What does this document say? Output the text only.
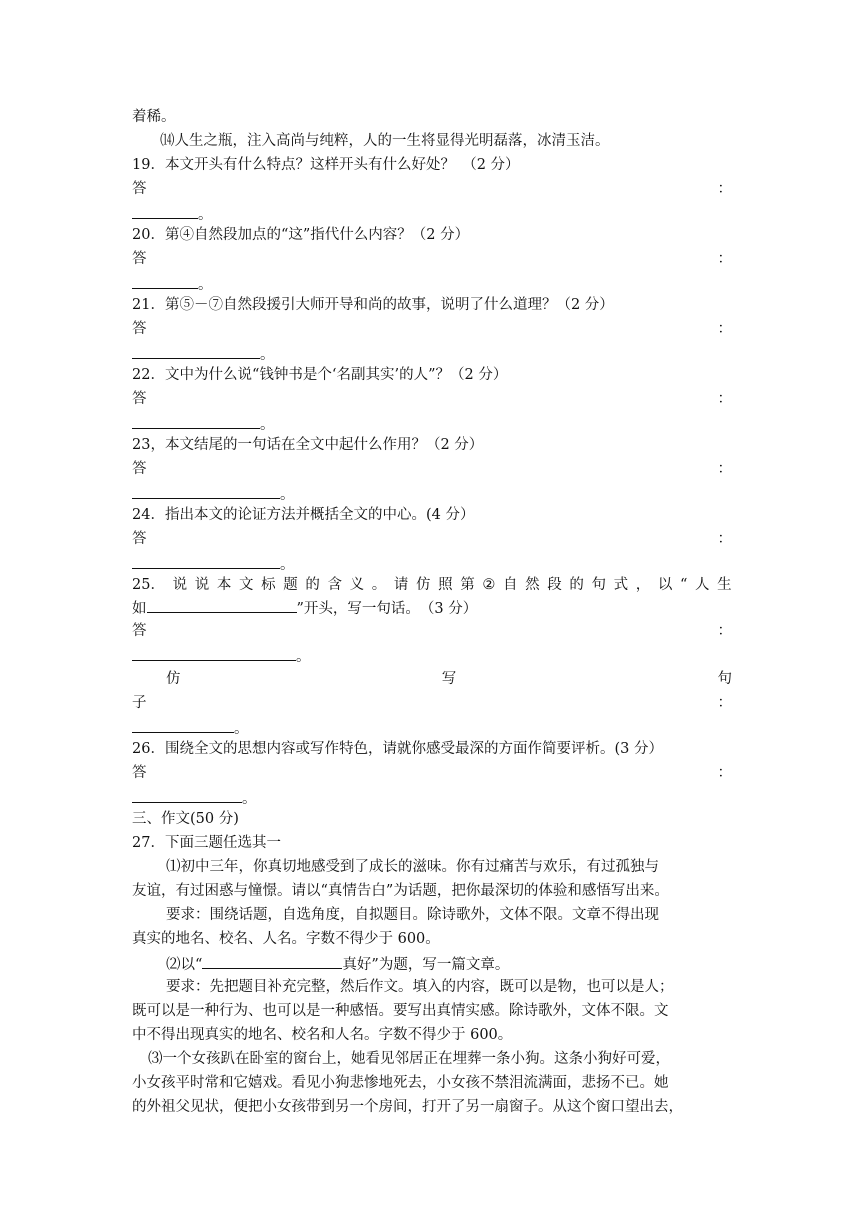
着稀。
⒁人生之瓶，注入高尚与纯粹，人的一生将显得光明磊落，冰清玉洁。
19．本文开头有什么特点？这样开头有什么好处？　（2 分）
答	：
。
20．第④自然段加点的“这”指代什么内容？（2 分）
答	：
。
21．第⑤－⑦自然段援引大师开导和尚的故事，说明了什么道理？（2 分）
答	：
。
22．文中为什么说“钱钟书是个‘名副其实’的人”？（2 分）
答	：
。
23，本文结尾的一句话在全文中起什么作用？（2 分）
答	：
。
24．指出本文的论证方法并概括全文的中心。(4 分）
答	：
。
25． 说 说 本 文 标 题 的 含 义 。 请 仿 照 第 ② 自 然 段 的 句 式 ， 以 “ 人 生
如	”开头，写一句话。　（3 分）
答	：
。
仿	写	句
子	：
。
26．围绕全文的思想内容或写作特色，请就你感受最深的方面作简要评析。(3 分）
答	：
。
三、作文(50 分)
27．下面三题任选其一
⑴初中三年，你真切地感受到了成长的滋味。你有过痛苦与欢乐，有过孤独与
友谊，有过困惑与憧憬。请以“真情告白”为话题，把你最深切的体验和感悟写出来。
要求：围绕话题，自选角度，自拟题目。除诗歌外，文体不限。文章不得出现
真实的地名、校名、人名。字数不得少于 600。
⑵以“	真好”为题，写一篇文章。
要求：先把题目补充完整，然后作文。填入的内容，既可以是物，也可以是人；
既可以是一种行为、也可以是一种感悟。要写出真情实感。除诗歌外，文体不限。文
中不得出现真实的地名、校名和人名。字数不得少于 600。
⑶一个女孩趴在卧室的窗台上，她看见邻居正在埋葬一条小狗。这条小狗好可爱，
小女孩平时常和它嬉戏。看见小狗悲惨地死去，小女孩不禁泪流满面，悲扬不已。她
的外祖父见状，便把小女孩带到另一个房间，打开了另一扇窗子。从这个窗口望出去，
